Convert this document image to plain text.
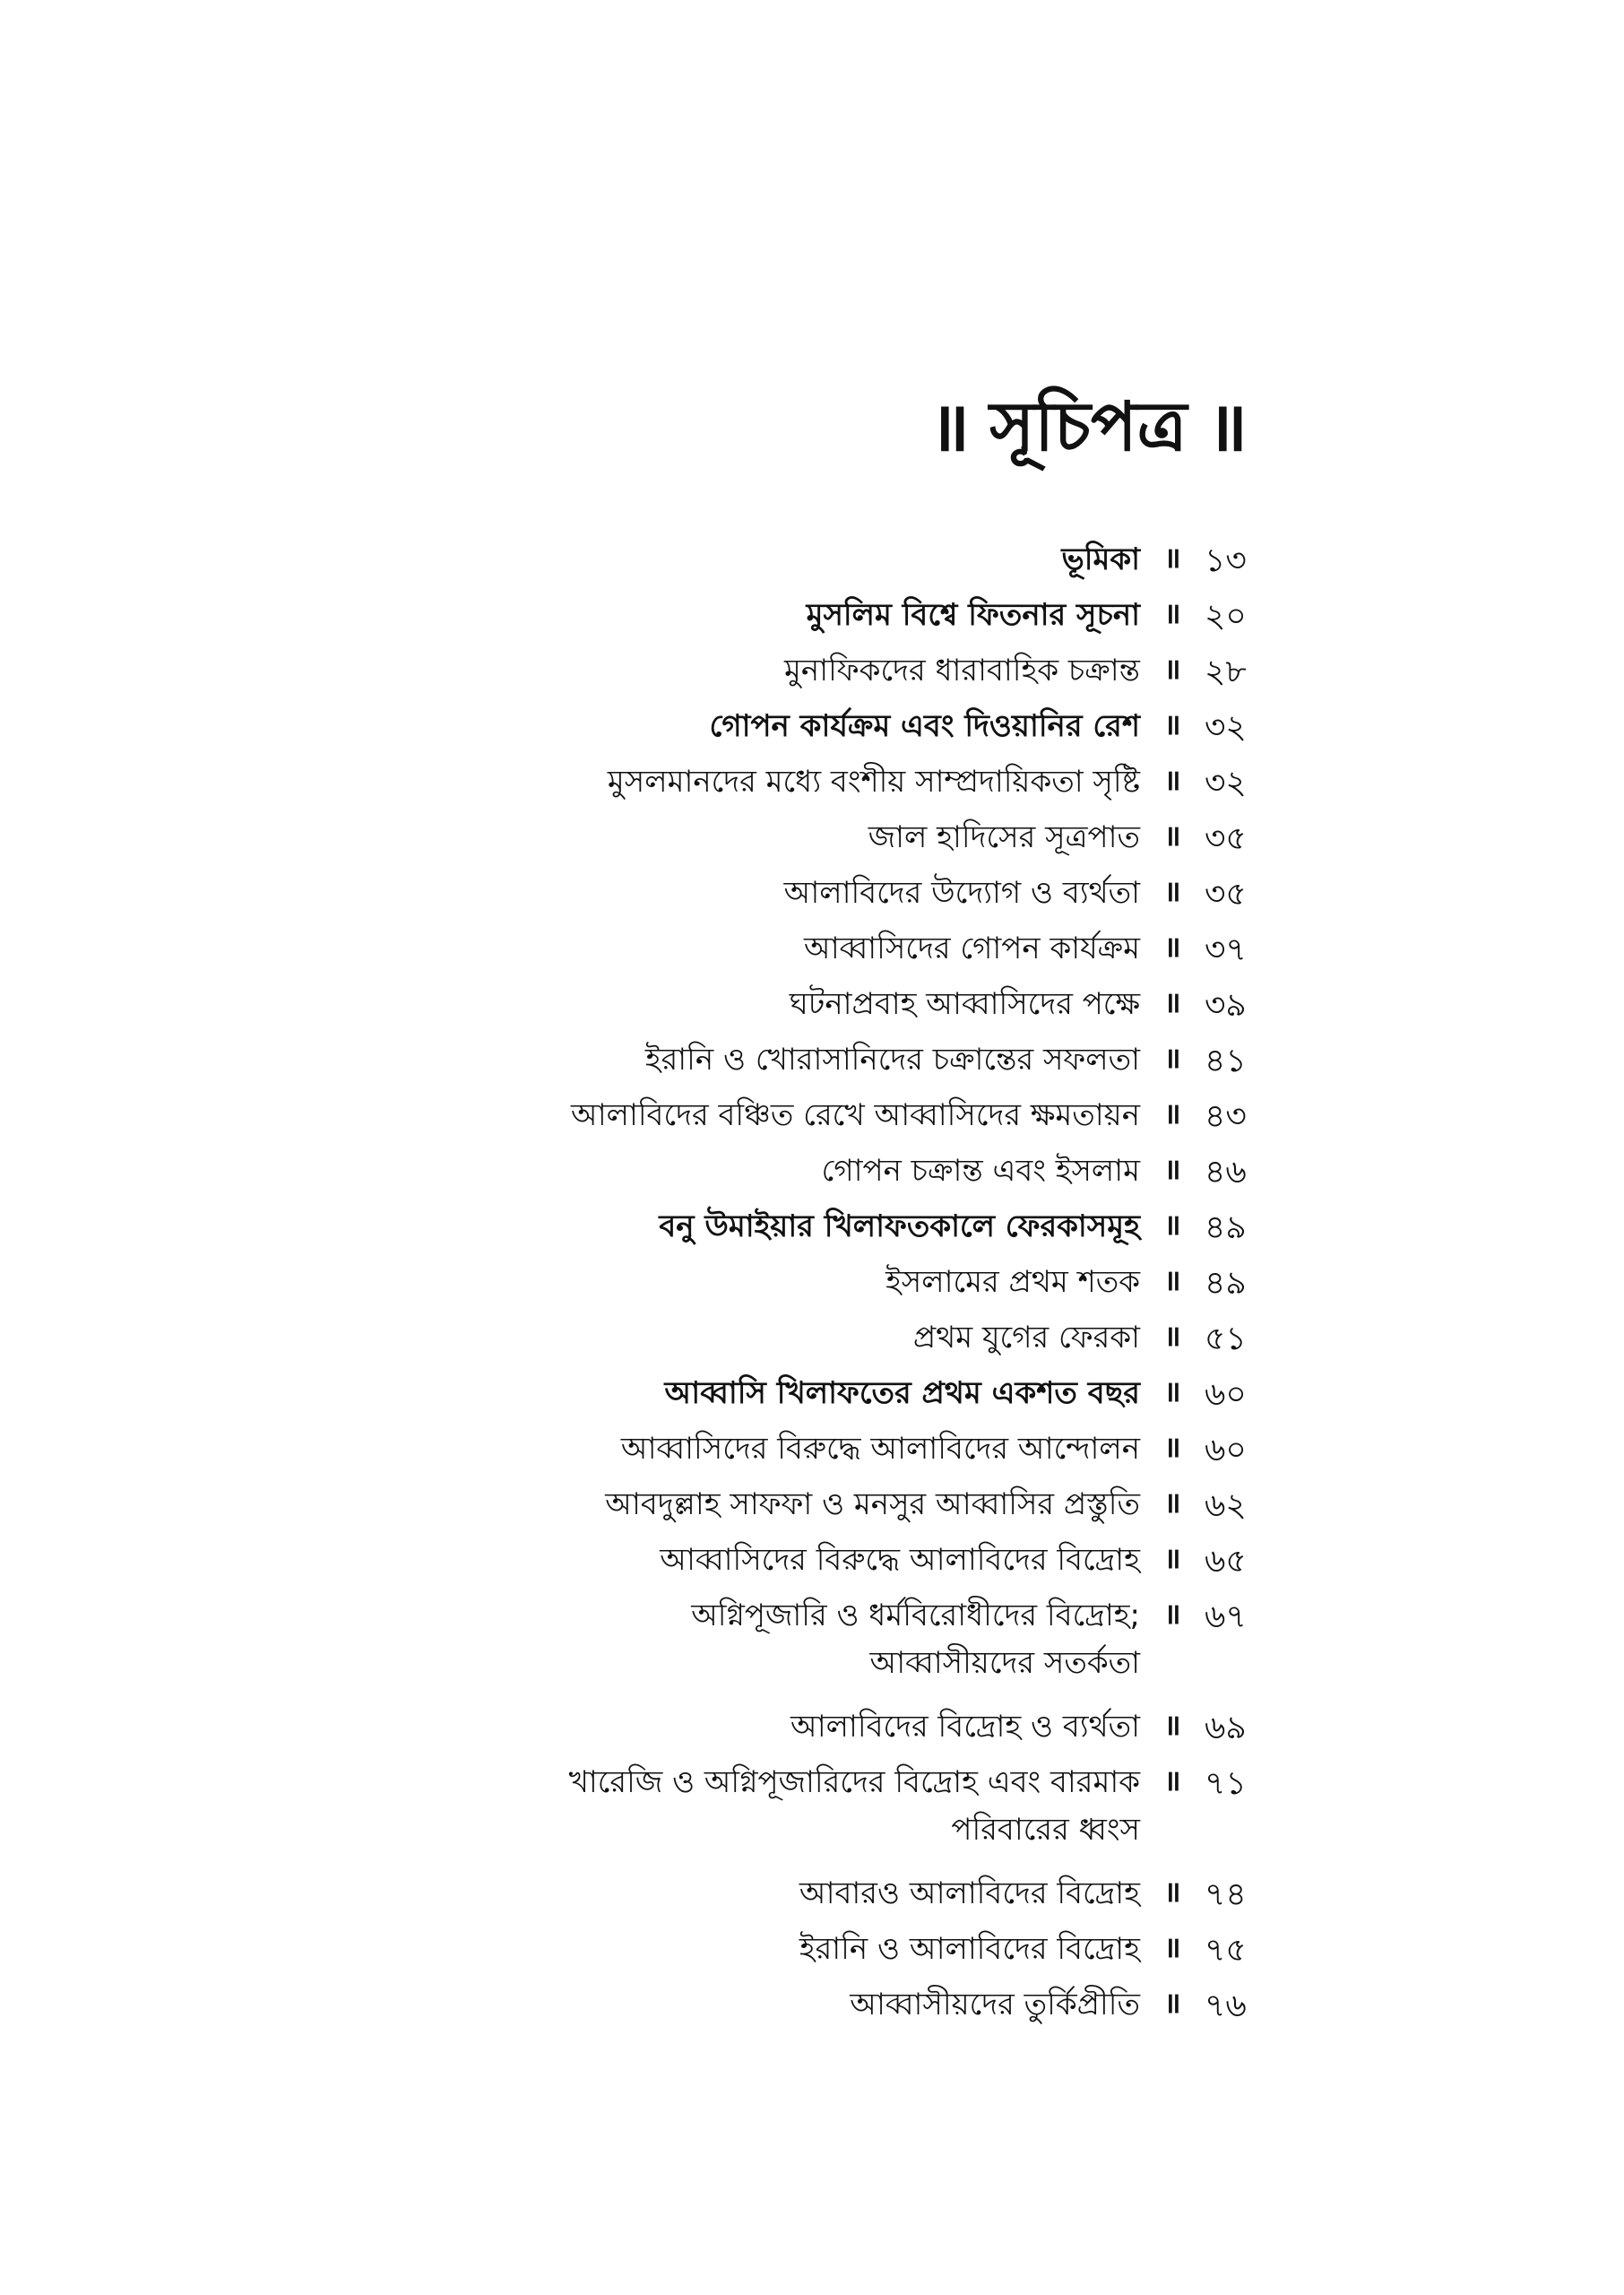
॥ সূচিপত্র ॥
ভূমিকা ॥ ১৩
মুসলিম বিশ্বে ফিতনার সূচনা ॥ ২০
মুনাফিকদের ধারাবাহিক চক্রান্ত ॥ ২৮
গোপন কার্যক্রম এবং দিওয়ানির রেশ ॥ ৩২
মুসলমানদের মধ্যে বংশীয় সাম্প্রদায়িকতা সৃষ্টি ॥ ৩২
জাল হাদিসের সূত্রপাত ॥ ৩৫
আলাবিদের উদ্যোগ ও ব্যর্থতা ॥ ৩৫
আব্বাসিদের গোপন কার্যক্রম ॥ ৩৭
ঘটনাপ্রবাহ আব্বাসিদের পক্ষে ॥ ৩৯
ইরানি ও খোরাসানিদের চক্রান্তের সফলতা ॥ ৪১
আলাবিদের বঞ্চিত রেখে আব্বাসিদের ক্ষমতায়ন ॥ ৪৩
গোপন চক্রান্ত এবং ইসলাম ॥ ৪৬
বনু উমাইয়ার খিলাফতকালে ফেরকাসমূহ ॥ ৪৯
ইসলামের প্রথম শতক ॥ ৪৯
প্রথম যুগের ফেরকা ॥ ৫১
আব্বাসি খিলাফতের প্রথম একশত বছর ॥ ৬০
আব্বাসিদের বিরুদ্ধে আলাবিদের আন্দোলন ॥ ৬০
আবদুল্লাহ সাফফা ও মনসুর আব্বাসির প্রস্তুতি ॥ ৬২
আব্বাসিদের বিরুদ্ধে আলাবিদের বিদ্রোহ ॥ ৬৫
অগ্নিপূজারি ও ধর্মবিরোধীদের বিদ্রোহ;
আব্বাসীয়দের সতর্কতা
॥ ৬৭
আলাবিদের বিদ্রোহ ও ব্যর্থতা ॥ ৬৯
খারেজি ও অগ্নিপূজারিদের বিদ্রোহ এবং বারমাক
পরিবারের ধ্বংস
॥ ৭১
আবারও আলাবিদের বিদ্রোহ ॥ ৭৪
ইরানি ও আলাবিদের বিদ্রোহ ॥ ৭৫
আব্বাসীয়দের তুর্কিপ্রীতি ॥ ৭৬
